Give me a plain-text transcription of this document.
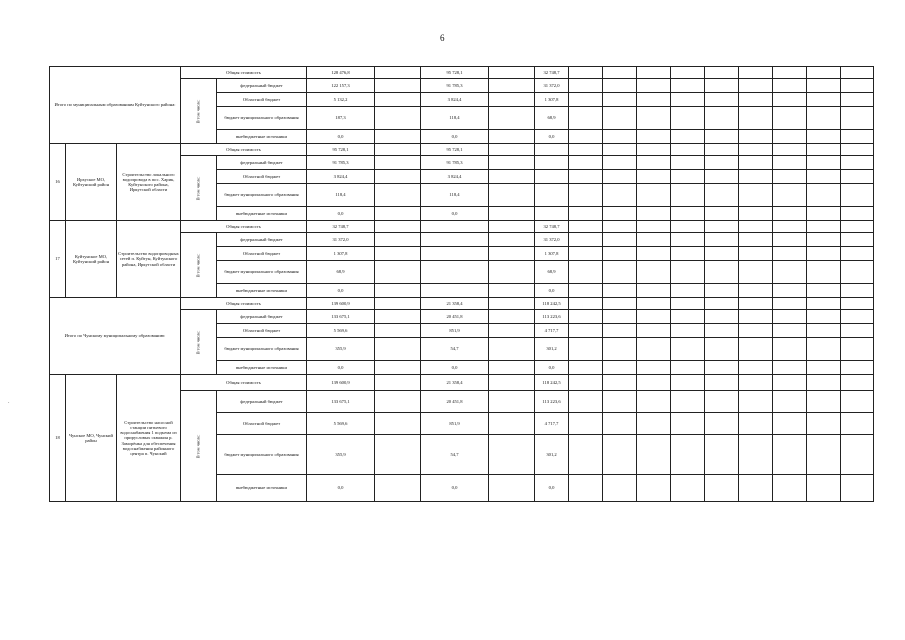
6
.
Итого по муниципальным образованиям Куйтунского района:			Общая стоимость		128 476,8		95 728,1		32 748,7										
			В том числе:	федеральный бюджет	122 157,3		91 785,3		31 372,0										
				Областной бюджет	5 132,2		3 824,4		1 307,8										
				бюджет муниципального образования	187,3		118,4		68,9										
				внебюджетные источники	0,0		0,0		0,0										
16	Ирхуское МО, Куйтунский район	Строительство локального водопровода в пос. Харик, Куйтунского района, Иркутской области	Общая стоимость		95 728,1		95 728,1												
			В том числе:	федеральный бюджет	91 785,3		91 785,3												
				Областной бюджет	3 824,4		3 824,4												
				бюджет муниципального образования	118,4		118,4												
				внебюджетные источники	0,0		0,0												
17	Куйтунское МО, Куйтунский район	Строительство водопроводных сетей п. Куйтун, Куйтунского района, Иркутской области	Общая стоимость		32 748,7				32 748,7										
			В том числе:	федеральный бюджет	31 372,0				31 372,0										
				Областной бюджет	1 307,8				1 307,8										
				бюджет муниципального образования	68,9				68,9										
				внебюджетные источники	0,0				0,0										
Итого по Чунскому муниципальному образованию:			Общая стоимость		139 600,9		21 358,4		118 242,5										
			В том числе:	федеральный бюджет	133 675,1		20 451,8		113 223,6										
				Областной бюджет	5 569,6		851,9		4 717,7										
				бюджет муниципального образования	355,9		54,7		301,2										
				внебюджетные источники	0,0		0,0		0,0										
18	Чунское МО, Чунский район	Строительство насосной станции питьевого водоснабжения 1 подъема из прирусловых скважин р. Заморёнка для обеспечения водоснабжения районного центра п. Чунский	Общая стоимость		139 600,9		21 358,4		118 242,5										
			В том числе:	федеральный бюджет	133 675,1		20 451,8		113 223,6										
				Областной бюджет	5 569,6		851,9		4 717,7										
				бюджет муниципального образования	355,9		54,7		301,2										
				внебюджетные источники	0,0		0,0		0,0										
